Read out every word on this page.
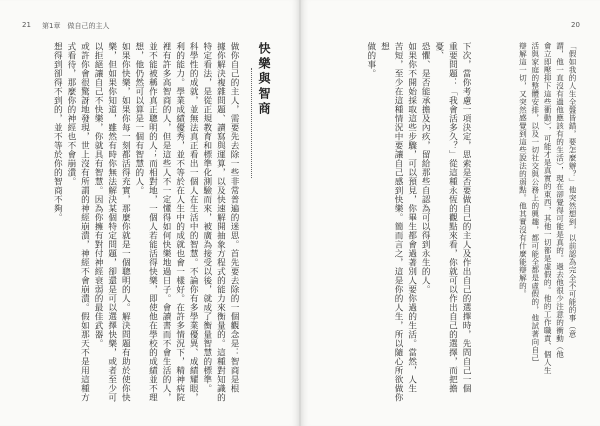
21 第1章　做自己的主人
做你自己的主人，需要先去除一些非常普遍的迷思。首先要去除的一個觀念是：智商是根
據你解決複雜問題、讀寫與運算，以及快速解開抽象方程式的能力來衡量的。這種對知識的
特定看法，是從正規教育和標準化測驗而來，被廣為接受以後，就成了衡量智慧的標準。
科學性的成就，並無法真正看出一個人在生活中的智慧。不論你有多學業優異、成績耀眼，
利的能力。學業成績優秀，並不等於在人生中的成就也會一樣好。在許多情況下，精神病院
裡有許多高智商的人，但是這些人不一定懂得如何快樂地過日子。會讀書而不會生活的人，
並不能被稱作真正聰明的人；而相對地，一個人若能活得快樂，即使他在學校的成績並不理
想，他仍然可以算是一個有智慧的人。
如果你快樂，如果你每一刻都活得充實，那麼你就是一個聰明的人。解決問題有助於使你快
樂，但如果你知道，雖然有時你無法解決某個特定問題，卻還是可以選擇快樂，或者至少可
以拒絕讓自己不快樂，你就具有智慧。因為你擁有對付神經衰弱的最佳武器。
或許你會很驚訝地發現，世上沒有所謂的神經崩潰，神經不會崩潰。假如那天不是用這種方
式看待，那麼你的神經也不會崩潰。
想得到卻得不到的，並不等於你的智商不夠。	快樂與智商
20
「假如我的人生全盤皆錯，要怎麼辦？」他突然想到，以前認為完全不可能的事（意
謂，他一直沒有過他應該有的生活），現在卻覺得可能是真的。過去他很少注意的衝動（他
會立即壓抑下這些衝動），可能才是真實的東西，其他一切都是虛假的。他的工作職責、個人生
活與家庭的整體安排，以及一切社交與公務上的興趣，都可能全都是虛假的，他試著向自己
辯解這一切，又突然感覺到這些說法的弱點。他其實沒有什麼能辯解的。
下次，當你考慮一項決定，思索是否要做自己的主人及作出自己的選擇時，先問自己一個
重要問題：「我會活多久？」從這種永恆的觀點來看，你就可以作出自己的選擇，而把擔憂、
恐懼、是否能承擔及內疚，留給那些自認為可以得到永生的人。
如果你不開始採取這些步驟，可以預見，你畢生都會過著別人要你過的生活。當然，人生
苦短，至少在這種情況中要讓自己感到快樂。簡而言之，這是你的人生，所以隨心所欲做你想
做的事。
